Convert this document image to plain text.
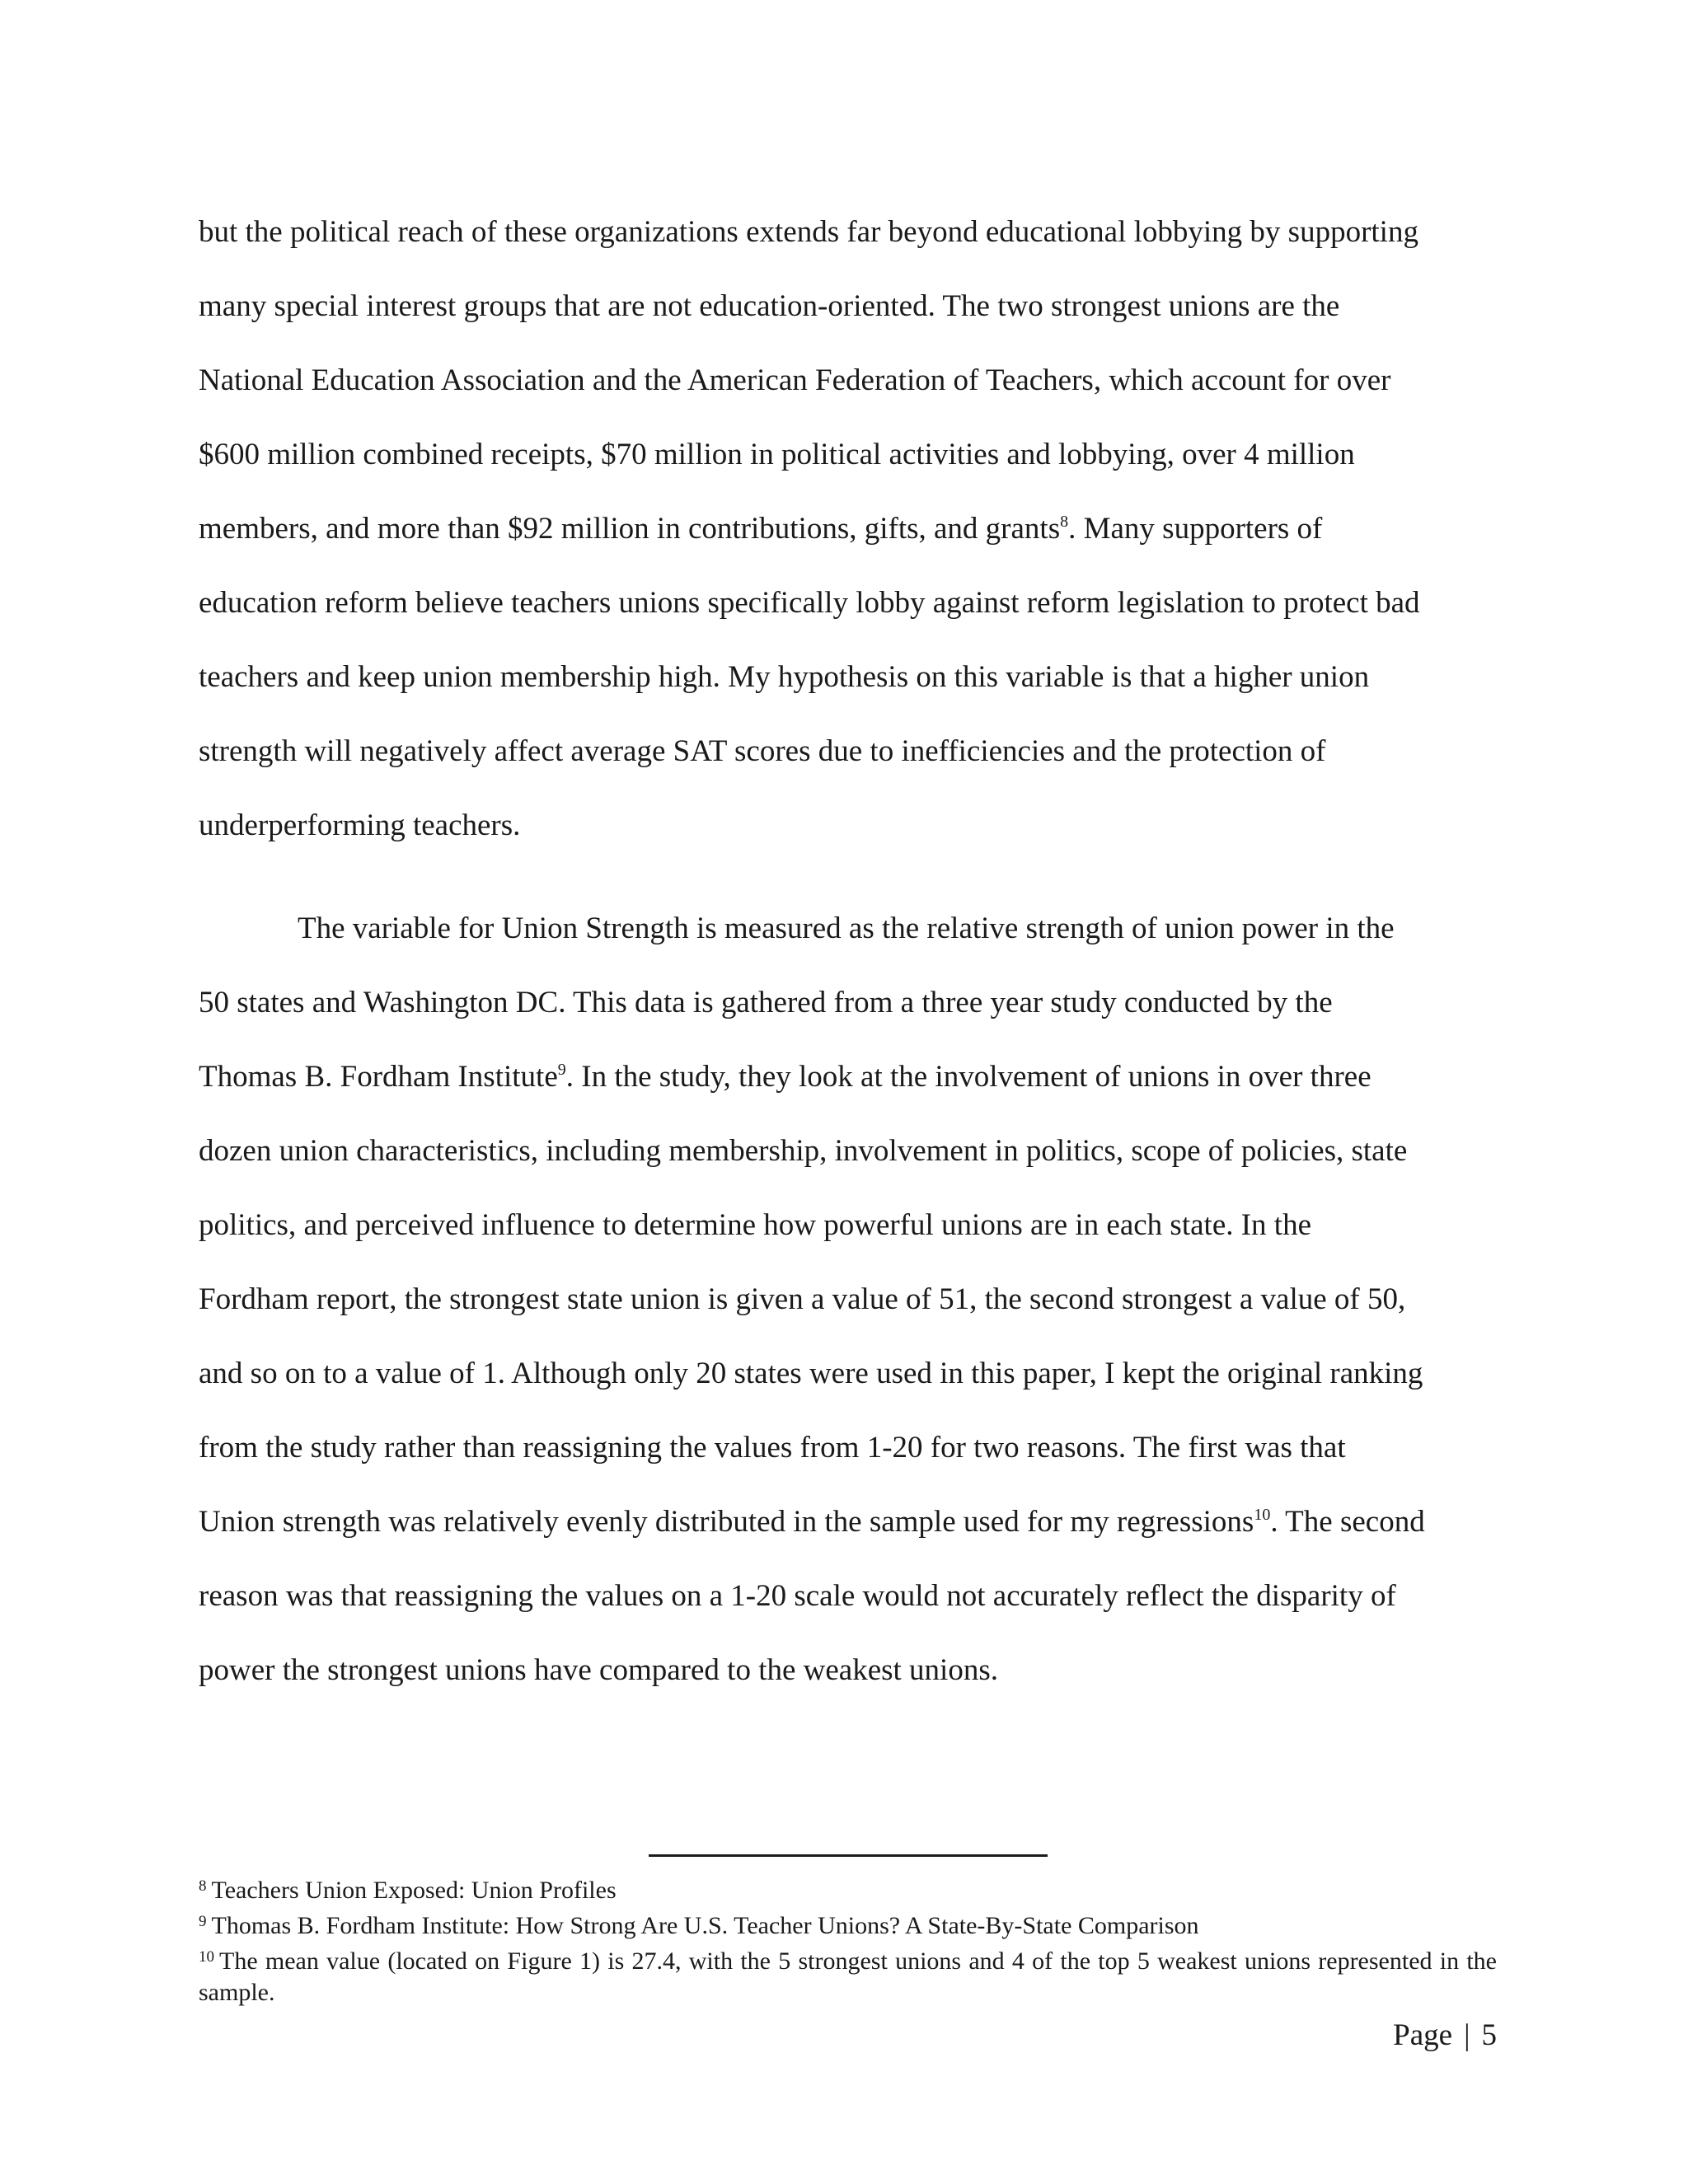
but the political reach of these organizations extends far beyond educational lobbying by supporting
many special interest groups that are not education-oriented. The two strongest unions are the
National Education Association and the American Federation of Teachers, which account for over
$600 million combined receipts, $70 million in political activities and lobbying, over 4 million
members, and more than $92 million in contributions, gifts, and grants$^8$. Many supporters of
education reform believe teachers unions specifically lobby against reform legislation to protect bad
teachers and keep union membership high. My hypothesis on this variable is that a higher union
strength will negatively affect average SAT scores due to inefficiencies and the protection of
underperforming teachers.

The variable for Union Strength is measured as the relative strength of union power in the
50 states and Washington DC. This data is gathered from a three year study conducted by the
Thomas B. Fordham Institute$^9$. In the study, they look at the involvement of unions in over three
dozen union characteristics, including membership, involvement in politics, scope of policies, state
politics, and perceived influence to determine how powerful unions are in each state. In the
Fordham report, the strongest state union is given a value of 51, the second strongest a value of 50,
and so on to a value of 1. Although only 20 states were used in this paper, I kept the original ranking
from the study rather than reassigning the values from 1-20 for two reasons. The first was that
Union strength was relatively evenly distributed in the sample used for my regressions$^{10}$. The second
reason was that reassigning the values on a 1-20 scale would not accurately reflect the disparity of
power the strongest unions have compared to the weakest unions.

$^8$ Teachers Union Exposed: Union Profiles

$^9$ Thomas B. Fordham Institute: How Strong Are U.S. Teacher Unions? A State-By-State Comparison

$^{10}$ The mean value (located on Figure 1) is 27.4, with the 5 strongest unions and 4 of the top 5 weakest unions represented in the sample.

Page | 5
